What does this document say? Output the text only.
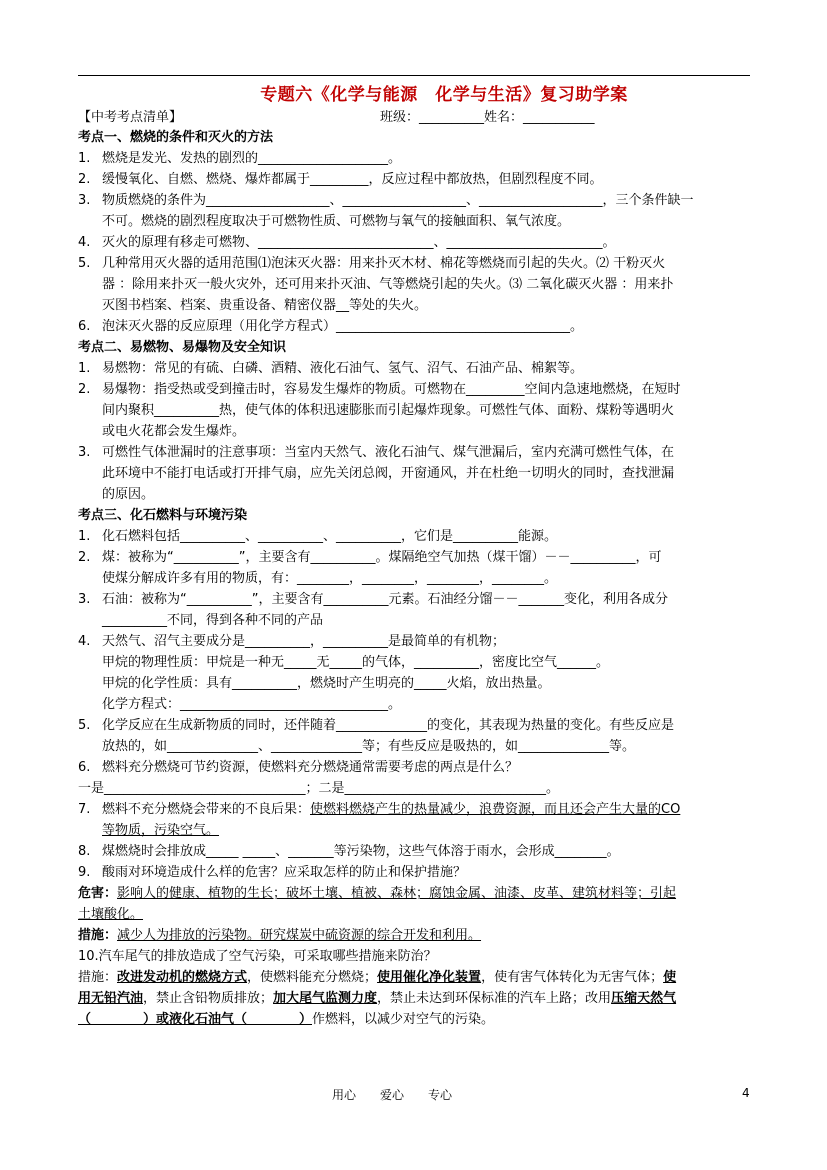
专题六《化学与能源　化学与生活》复习助学案
【中考考点清单】	班级：__________姓名：___________

考点一、燃烧的条件和灭火的方法

1. 燃烧是发光、发热的剧烈的____________________。

2. 缓慢氧化、自燃、燃烧、爆炸都属于_________，反应过程中都放热，但剧烈程度不同。

3. 物质燃烧的条件为___________________、___________________、___________________，三个条件缺一

不可。燃烧的剧烈程度取决于可燃物性质、可燃物与氧气的接触面积、氧气浓度。

4. 灭火的原理有移走可燃物、___________________________、________________________。

5. 几种常用灭火器的适用范围⑴泡沫灭火器：用来扑灭木材、棉花等燃烧而引起的失火。⑵ 干粉灭火

器 ：除用来扑灭一般火灾外，还可用来扑灭油、气等燃烧引起的失火。⑶ 二氧化碳灭火器 ：用来扑

灭图书档案、档案、贵重设备、精密仪器__等处的失火。

6. 泡沫灭火器的反应原理（用化学方程式）____________________________________。

考点二、易燃物、易爆物及安全知识

1. 易燃物：常见的有硫、白磷、酒精、液化石油气、氢气、沼气、石油产品、棉絮等。

2. 易爆物：指受热或受到撞击时，容易发生爆炸的物质。可燃物在_________空间内急速地燃烧，在短时

间内聚积__________热，使气体的体积迅速膨胀而引起爆炸现象。可燃性气体、面粉、煤粉等遇明火

或电火花都会发生爆炸。

3. 可燃性气体泄漏时的注意事项：当室内天然气、液化石油气、煤气泄漏后，室内充满可燃性气体，在

此环境中不能打电话或打开排气扇，应先关闭总阀，开窗通风，并在杜绝一切明火的同时，查找泄漏

的原因。

考点三、化石燃料与环境污染

1. 化石燃料包括__________、__________、__________，它们是__________能源。

2. 煤：被称为“__________”，主要含有__________。煤隔绝空气加热（煤干馏）－－__________，可

使煤分解成许多有用的物质，有：________，________，________，________。

3. 石油：被称为“__________”，主要含有__________元素。石油经分馏－－_______变化，利用各成分

__________不同，得到各种不同的产品

4. 天然气、沼气主要成分是__________，__________是最简单的有机物；

甲烷的物理性质：甲烷是一种无_____无_____的气体，__________，密度比空气______。

甲烷的化学性质：具有__________，燃烧时产生明亮的_____火焰，放出热量。

化学方程式：________________________________。

5. 化学反应在生成新物质的同时，还伴随着______________的变化，其表现为热量的变化。有些反应是

放热的，如______________、______________等；有些反应是吸热的，如______________等。

6. 燃料充分燃烧可节约资源，使燃料充分燃烧通常需要考虑的两点是什么？

一是_______________________________；二是_______________________________。

7. 燃料不充分燃烧会带来的不良后果：使燃料燃烧产生的热量减少，浪费资源，而且还会产生大量的CO

等物质，污染空气。

8. 煤燃烧时会排放成_____ _____、_______等污染物，这些气体溶于雨水，会形成________。

9. 酸雨对环境造成什么样的危害？应采取怎样的防止和保护措施？

危害：影响人的健康、植物的生长；破坏土壤、植被、森林；腐蚀金属、油漆、皮革、建筑材料等；引起

土壤酸化。

措施：减少人为排放的污染物。研究煤炭中硫资源的综合开发和利用。

10.汽车尾气的排放造成了空气污染，可采取哪些措施来防治？

措施：改进发动机的燃烧方式，使燃料能充分燃烧；使用催化净化装置，使有害气体转化为无害气体；使

用无铅汽油，禁止含铅物质排放；加大尾气监测力度，禁止未达到环保标准的汽车上路；改用压缩天然气

（　　　　）或液化石油气（　　　　）作燃料，以减少对空气的污染。

用心　　爱心　　专心	4
